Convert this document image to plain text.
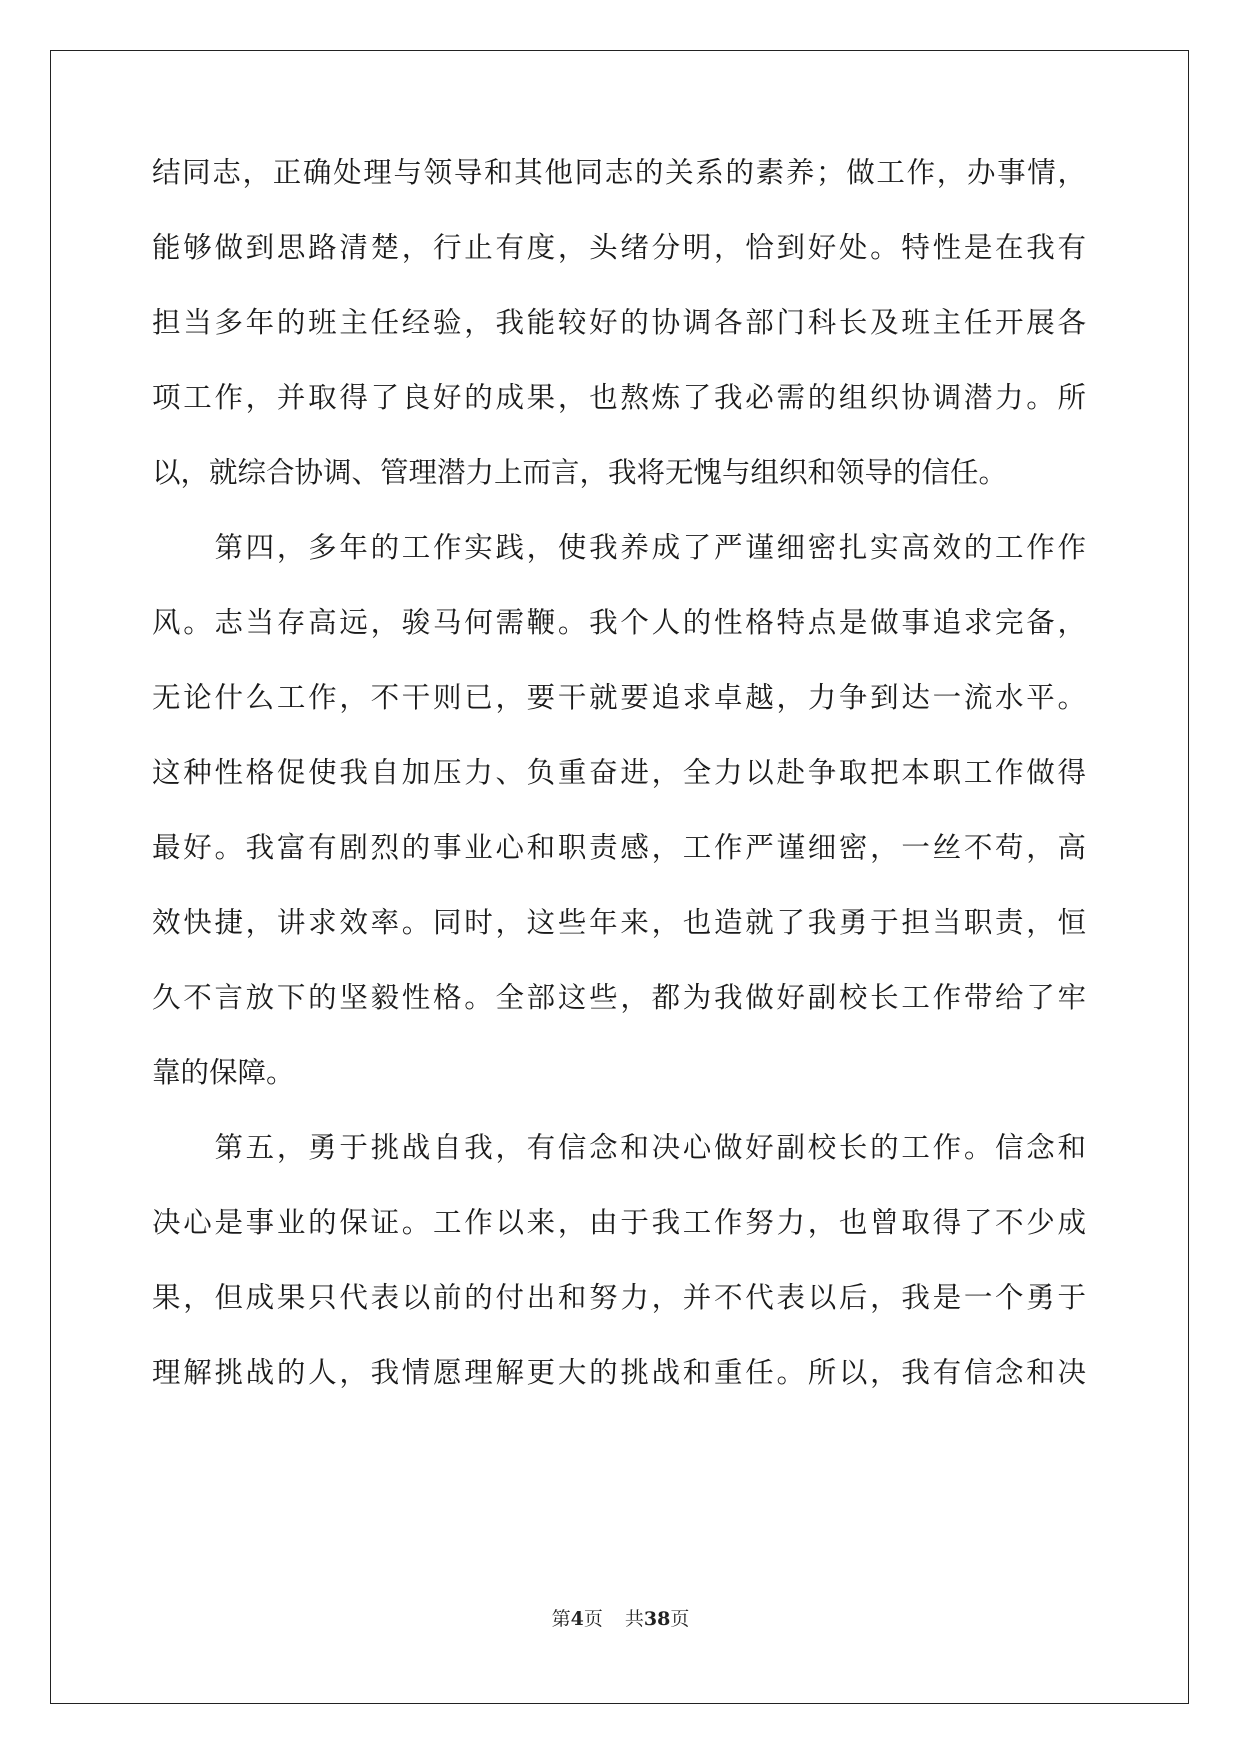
结同志，正确处理与领导和其他同志的关系的素养；做工作，办事情，
能够做到思路清楚，行止有度，头绪分明，恰到好处。特性是在我有
担当多年的班主任经验，我能较好的协调各部门科长及班主任开展各
项工作，并取得了良好的成果，也熬炼了我必需的组织协调潜力。所
以，就综合协调、管理潜力上而言，我将无愧与组织和领导的信任。
　　第四，多年的工作实践，使我养成了严谨细密扎实高效的工作作
风。志当存高远，骏马何需鞭。我个人的性格特点是做事追求完备，
无论什么工作，不干则已，要干就要追求卓越，力争到达一流水平。
这种性格促使我自加压力、负重奋进，全力以赴争取把本职工作做得
最好。我富有剧烈的事业心和职责感，工作严谨细密，一丝不苟，高
效快捷，讲求效率。同时，这些年来，也造就了我勇于担当职责，恒
久不言放下的坚毅性格。全部这些，都为我做好副校长工作带给了牢
靠的保障。
　　第五，勇于挑战自我，有信念和决心做好副校长的工作。信念和
决心是事业的保证。工作以来，由于我工作努力，也曾取得了不少成
果，但成果只代表以前的付出和努力，并不代表以后，我是一个勇于
理解挑战的人，我情愿理解更大的挑战和重任。所以，我有信念和决
第4页 共38页
